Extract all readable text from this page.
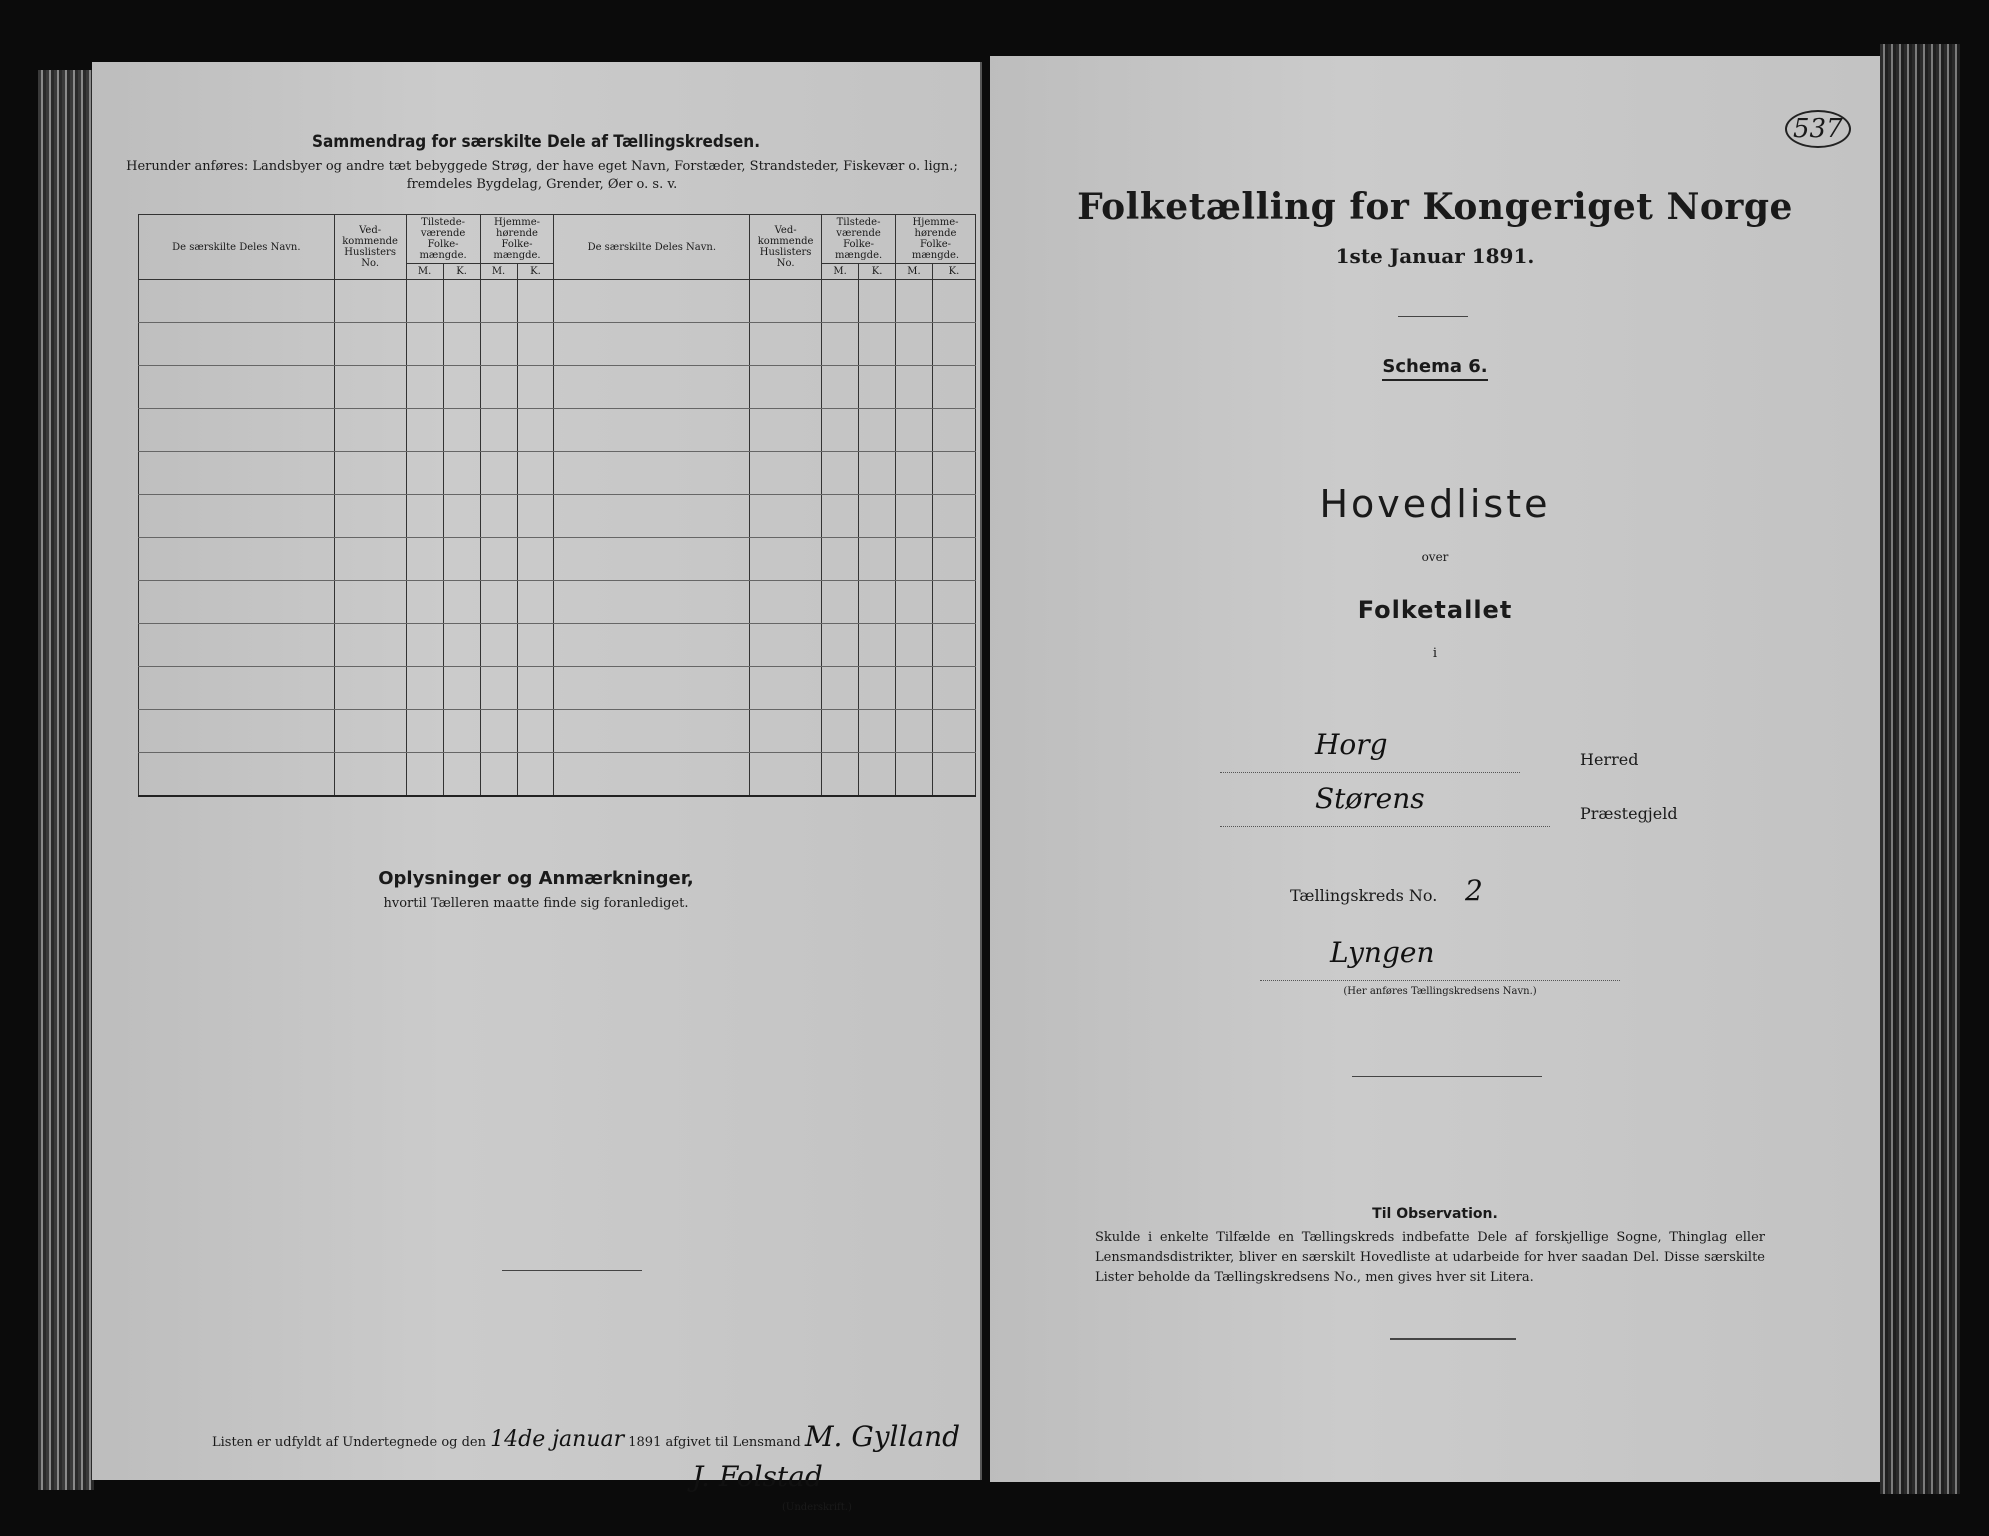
Sammendrag for særskilte Dele af Tællingskredsen.
Herunder anføres: Landsbyer og andre tæt bebyggede Strøg, der have eget Navn, Forstæder, Strandsteder, Fiskevær o. lign.;
fremdeles Bygdelag, Grender, Øer o. s. v.
De særskilte Deles Navn.	Ved-kommende Huslisters No.	Tilstede-værende Folke-mængde.		Hjemme-hørende Folke-mængde.		De særskilte Deles Navn.	Ved-kommende Huslisters No.	Tilstede-værende Folke-mængde.		Hjemme-hørende Folke-mængde.	
		M.	K.	M.	K.			M.	K.	M.	K.

Oplysninger og Anmærkninger,
hvortil Tælleren maatte finde sig foranlediget.
Listen er udfyldt af Undertegnede og den 14de januar 1891 afgivet til Lensmand M. Gylland
J. Folstad
(Underskrift.)
Folketælling for Kongeriget Norge
1ste Januar 1891.
Schema 6.
Hovedliste
over
Folketallet
i
Horg	Herred
Størens	Præstegjeld
Tællingskreds No. 2
Lyngen
(Her anføres Tællingskredsens Navn.)
Til Observation.
Skulde i enkelte Tilfælde en Tællingskreds indbefatte Dele af forskjellige Sogne, Thinglag eller Lensmandsdistrikter, bliver en særskilt Hovedliste at udarbeide for hver saadan Del. Disse særskilte Lister beholde da Tællingskredsens No., men gives hver sit Litera.
537
